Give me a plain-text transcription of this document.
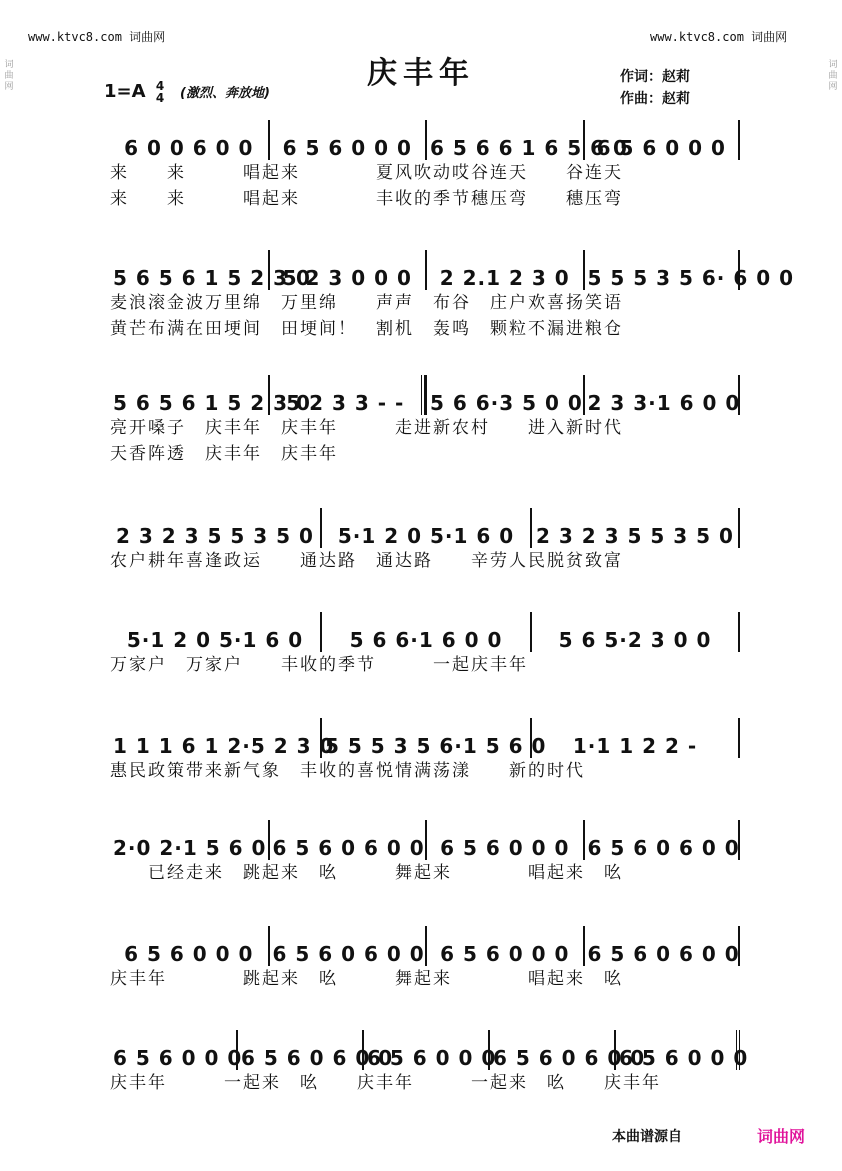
词曲网
词曲网
www.ktvc8.com 词曲网	www.ktvc8.com 词曲网
庆丰年
1=A 4
4 (激烈、奔放地)
作词：赵莉
作曲：赵莉
6 0 0 6 0 0 6 5 6 0 0 0 6 5 6 6 1 6 5 6 0
6 5 6 0 0 0
来　　来　　　唱起来　　　　夏风吹动哎谷连天　　谷连天
来　　来　　　唱起来　　　　丰收的季节穗压弯　　穗压弯
5 6 5 6 1 5 2 3 0
5 2 3 0 0 0 2 2.1 2 3 0 5 5 5 3 5 6· 6 0 0
麦浪滚金波万里绵　万里绵　　声声　布谷　庄户欢喜扬笑语
黄芒布满在田埂间　田埂间！　割机　轰鸣　颗粒不漏进粮仓
5 6 5 6 1 5 2 3 0
5 2 3 3 - - 5 6 6·3 5 0 0 2 3 3·1 6 0 0
亮开嗓子　庆丰年　庆丰年　　　走进新农村　　进入新时代
天香阵透　庆丰年　庆丰年
2 3 2 3 5 5 3 5 0 5·1 2 0 5·1 6 0 2 3 2 3 5 5 3 5 0
农户耕年喜逢政运　　通达路　通达路　　辛劳人民脱贫致富
5·1 2 0 5·1 6 0 5 6 6·1 6 0 0	5 6 5·2 3 0 0
万家户　万家户　　丰收的季节　　　一起庆丰年
1 1 1 6 1 2·5 2 3 0
5 5 5 3 5 6·1 5 6 0 1·1 1 2 2 -
惠民政策带来新气象　丰收的喜悦情满荡漾　　新的时代
2·0 2·1 5 6 0 6 5 6 0 6 0 0 6 5 6 0 0 0 6 5 6 0 6 0 0
　　已经走来　跳起来　吆　　　舞起来　　　　唱起来　吆
6 5 6 0 0 0 6 5 6 0 6 0 0 6 5 6 0 0 0 6 5 6 0 6 0 0
庆丰年　　　　跳起来　吆　　　舞起来　　　　唱起来　吆
6 5 6 0 0 0
6 5 6 0 6 0 0
6 5 6 0 0 0
6 5 6 0 6 0 0
6 5 6 0 0 0
庆丰年　　　一起来　吆　　庆丰年　　　一起来　吆　　庆丰年
本曲谱源自	词曲网
